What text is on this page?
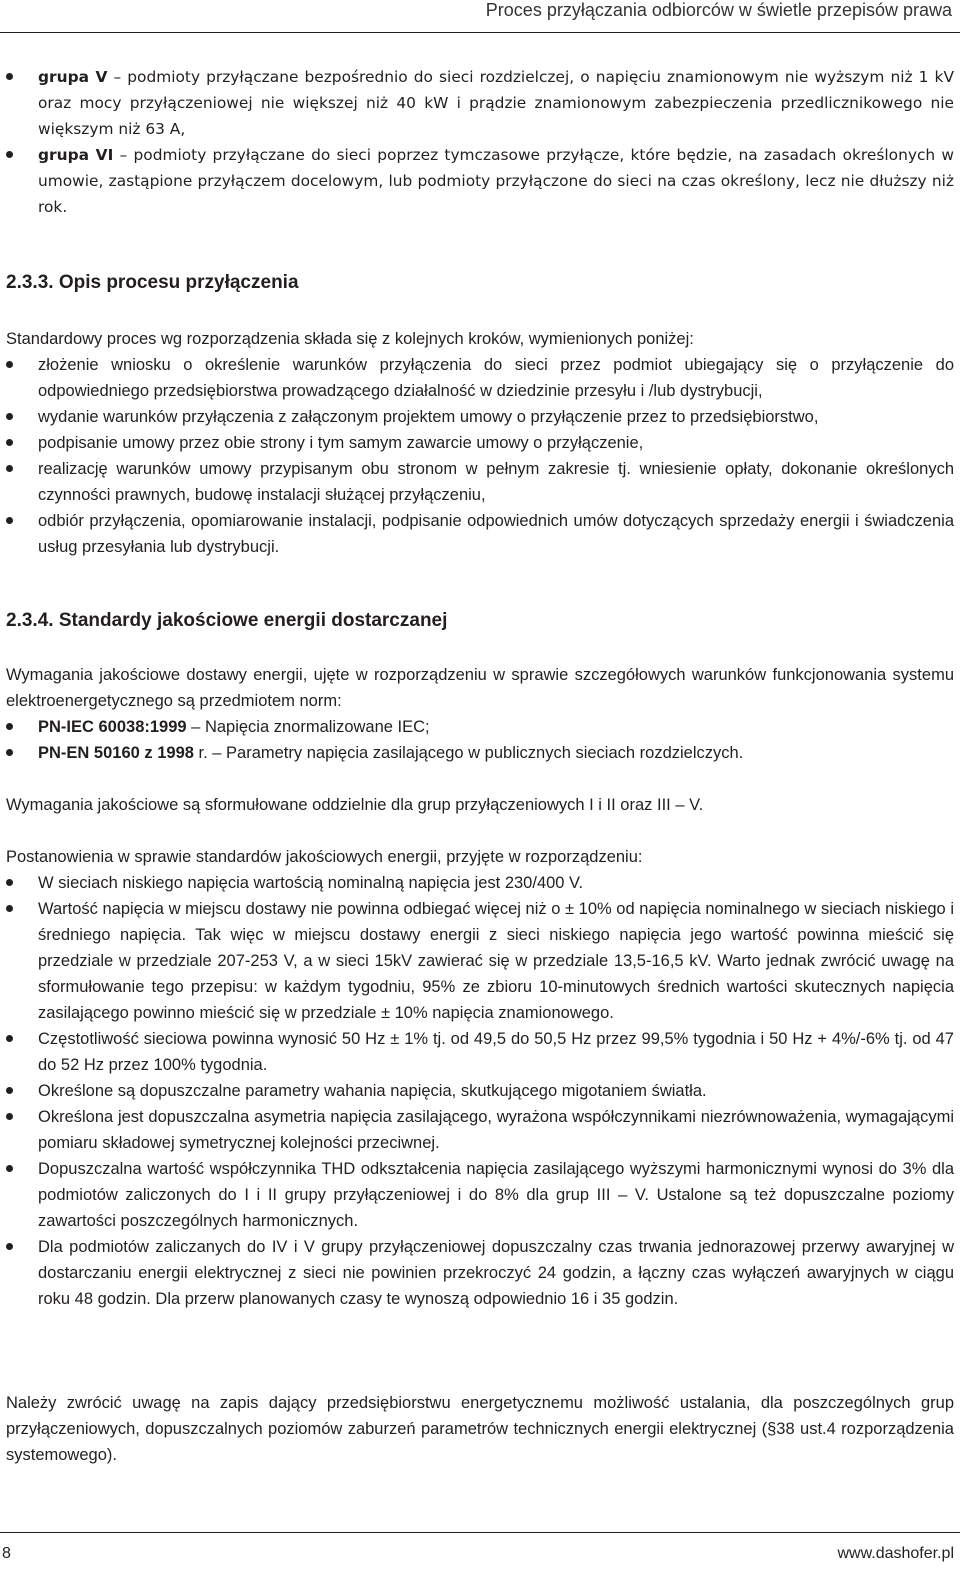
Proces przyłączania odbiorców w świetle przepisów prawa
grupa V – podmioty przyłączane bezpośrednio do sieci rozdzielczej, o napięciu znamionowym nie wyższym niż 1 kV oraz mocy przyłączeniowej nie większej niż 40 kW i prądzie znamionowym zabezpieczenia przedlicznikowego nie większym niż 63 A,
grupa VI – podmioty przyłączane do sieci poprzez tymczasowe przyłącze, które będzie, na zasadach określonych w umowie, zastąpione przyłączem docelowym, lub podmioty przyłączone do sieci na czas określony, lecz nie dłuższy niż rok.
2.3.3. Opis procesu przyłączenia

Standardowy proces wg rozporządzenia składa się z kolejnych kroków, wymienionych poniżej:

złożenie wniosku o określenie warunków przyłączenia do sieci przez podmiot ubiegający się o przyłączenie do odpowiedniego przedsiębiorstwa prowadzącego działalność w dziedzinie przesyłu i /lub dystrybucji,
wydanie warunków przyłączenia z załączonym projektem umowy o przyłączenie przez to przedsiębiorstwo,
podpisanie umowy przez obie strony i tym samym zawarcie umowy o przyłączenie,
realizację warunków umowy przypisanym obu stronom w pełnym zakresie tj. wniesienie opłaty, dokonanie określonych czynności prawnych, budowę instalacji służącej przyłączeniu,
odbiór przyłączenia, opomiarowanie instalacji, podpisanie odpowiednich umów dotyczących sprzedaży energii i świadczenia usług przesyłania lub dystrybucji.
2.3.4. Standardy jakościowe energii dostarczanej

Wymagania jakościowe dostawy energii, ujęte w rozporządzeniu w sprawie szczegółowych warunków funkcjonowania systemu elektroenergetycznego są przedmiotem norm:

PN-IEC 60038:1999 – Napięcia znormalizowane IEC;
PN-EN 50160 z 1998 r. – Parametry napięcia zasilającego w publicznych sieciach rozdzielczych.

Wymagania jakościowe są sformułowane oddzielnie dla grup przyłączeniowych I i II oraz III – V.

Postanowienia w sprawie standardów jakościowych energii, przyjęte w rozporządzeniu:

W sieciach niskiego napięcia wartością nominalną napięcia jest 230/400 V.
Wartość napięcia w miejscu dostawy nie powinna odbiegać więcej niż o ± 10% od napięcia nominalnego w sieciach niskiego i średniego napięcia. Tak więc w miejscu dostawy energii z sieci niskiego napięcia jego wartość powinna mieścić się przedziale w przedziale 207-253 V, a w sieci 15kV zawierać się w przedziale 13,5-16,5 kV. Warto jednak zwrócić uwagę na sformułowanie tego przepisu: w każdym tygodniu, 95% ze zbioru 10-minutowych średnich wartości skutecznych napięcia zasilającego powinno mieścić się w przedziale ± 10% napięcia znamionowego.
Częstotliwość sieciowa powinna wynosić 50 Hz ± 1% tj. od 49,5 do 50,5 Hz przez 99,5% tygodnia i 50 Hz + 4%/-6% tj. od 47 do 52 Hz przez 100% tygodnia.
Określone są dopuszczalne parametry wahania napięcia, skutkującego migotaniem światła.
Określona jest dopuszczalna asymetria napięcia zasilającego, wyrażona współczynnikami niezrównoważenia, wymagającymi pomiaru składowej symetrycznej kolejności przeciwnej.
Dopuszczalna wartość współczynnika THD odkształcenia napięcia zasilającego wyższymi harmonicznymi wynosi do 3% dla podmiotów zaliczonych do I i II grupy przyłączeniowej i do 8% dla grup III – V. Ustalone są też dopuszczalne poziomy zawartości poszczególnych harmonicznych.
Dla podmiotów zaliczanych do IV i V grupy przyłączeniowej dopuszczalny czas trwania jednorazowej przerwy awaryjnej w dostarczaniu energii elektrycznej z sieci nie powinien przekroczyć 24 godzin, a łączny czas wyłączeń awaryjnych w ciągu roku 48 godzin. Dla przerw planowanych czasy te wynoszą odpowiednio 16 i 35 godzin.

Należy zwrócić uwagę na zapis dający przedsiębiorstwu energetycznemu możliwość ustalania, dla poszczególnych grup przyłączeniowych, dopuszczalnych poziomów zaburzeń parametrów technicznych energii elektrycznej (§38 ust.4 rozporządzenia systemowego).

8	www.dashofer.pl
